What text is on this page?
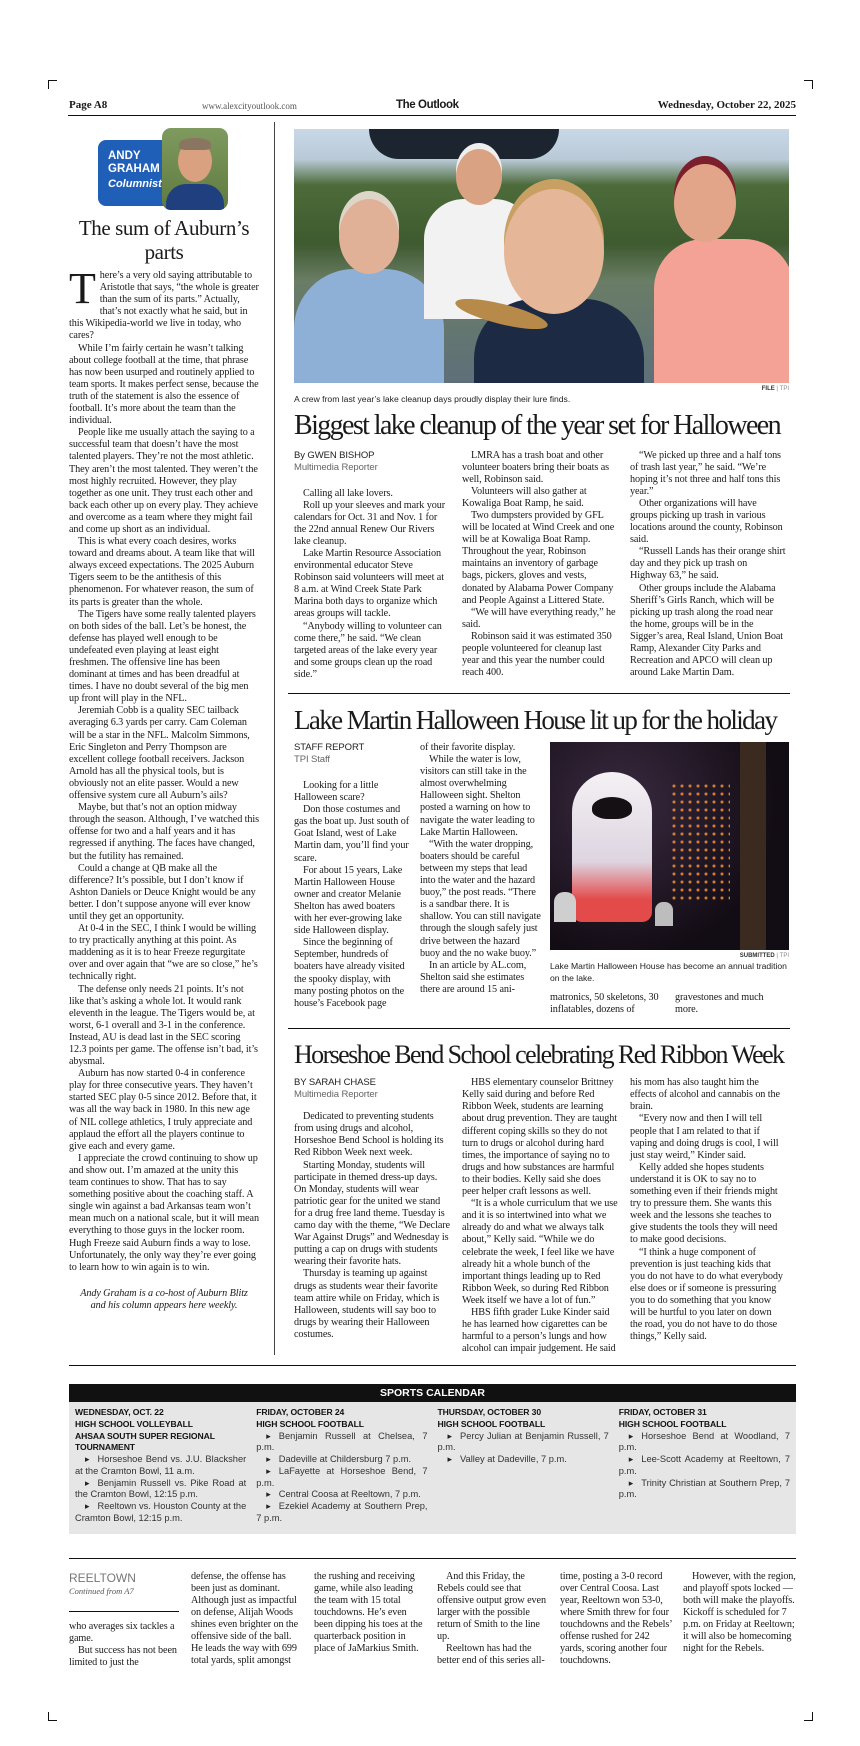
Page A8	www.alexcityoutlook.com	The Outlook	Wednesday, October 22, 2025
ANDY
GRAHAM
Columnist
The sum of Auburn’s parts

There’s a very old saying attributable to Aristotle that says, “the whole is greater than the sum of its parts.” Actually, that’s not exactly what he said, but in this Wikipedia-world we live in today, who cares?

While I’m fairly certain he wasn’t talking about college football at the time, that phrase has now been usurped and routinely applied to team sports. It makes perfect sense, because the truth of the statement is also the essence of football. It’s more about the team than the individual.

People like me usually attach the saying to a successful team that doesn’t have the most talented players. They’re not the most athletic. They aren’t the most talented. They weren’t the most highly recruited. However, they play together as one unit. They trust each other and back each other up on every play. They achieve and overcome as a team where they might fail and come up short as an individual.

This is what every coach desires, works toward and dreams about. A team like that will always exceed expectations. The 2025 Auburn Tigers seem to be the antithesis of this phenomenon. For whatever reason, the sum of its parts is greater than the whole.

The Tigers have some really talented players on both sides of the ball. Let’s be honest, the defense has played well enough to be undefeated even playing at least eight freshmen. The offensive line has been dominant at times and has been dreadful at times. I have no doubt several of the big men up front will play in the NFL.

Jeremiah Cobb is a quality SEC tailback averaging 6.3 yards per carry. Cam Coleman will be a star in the NFL. Malcolm Simmons, Eric Singleton and Perry Thompson are excellent college football receivers. Jackson Arnold has all the physical tools, but is obviously not an elite passer. Would a new offensive system cure all Auburn’s ails?

Maybe, but that’s not an option midway through the season. Although, I’ve watched this offense for two and a half years and it has regressed if anything. The faces have changed, but the futility has remained.

Could a change at QB make all the difference? It’s possible, but I don’t know if Ashton Daniels or Deuce Knight would be any better. I don’t suppose anyone will ever know until they get an opportunity.

At 0-4 in the SEC, I think I would be willing to try practically anything at this point. As maddening as it is to hear Freeze regurgitate over and over again that “we are so close,” he’s technically right.

The defense only needs 21 points. It’s not like that’s asking a whole lot. It would rank eleventh in the league. The Tigers would be, at worst, 6-1 overall and 3-1 in the conference. Instead, AU is dead last in the SEC scoring 12.3 points per game. The offense isn’t bad, it’s abysmal.

Auburn has now started 0-4 in conference play for three consecutive years. They haven’t started SEC play 0-5 since 2012. Before that, it was all the way back in 1980. In this new age of NIL college athletics, I truly appreciate and applaud the effort all the players continue to give each and every game.

I appreciate the crowd continuing to show up and show out. I’m amazed at the unity this team continues to show. That has to say something positive about the coaching staff. A single win against a bad Arkansas team won’t mean much on a national scale, but it will mean everything to those guys in the locker room. Hugh Freeze said Auburn finds a way to lose. Unfortunately, the only way they’re ever going to learn how to win again is to win.

Andy Graham is a co-host of Auburn Blitz and his column appears here weekly.

FILE | TPI
A crew from last year’s lake cleanup days proudly display their lure finds.
Biggest lake cleanup of the year set for Halloween
By GWEN BISHOP
Multimedia Reporter

Calling all lake lovers.

Roll up your sleeves and mark your calendars for Oct. 31 and Nov. 1 for the 22nd annual Renew Our Rivers lake cleanup.

Lake Martin Resource Association environmental educator Steve Robinson said volunteers will meet at 8 a.m. at Wind Creek State Park Marina both days to organize which areas groups will tackle.

“Anybody willing to volunteer can come there,” he said. “We clean targeted areas of the lake every year and some groups clean up the road side.”

LMRA has a trash boat and other volunteer boaters bring their boats as well, Robinson said.

Volunteers will also gather at Kowaliga Boat Ramp, he said.

Two dumpsters provided by GFL will be located at Wind Creek and one will be at Kowaliga Boat Ramp. Throughout the year, Robinson maintains an inventory of garbage bags, pickers, gloves and vests, donated by Alabama Power Company and People Against a Littered State.

“We will have everything ready,” he said.

Robinson said it was estimated 350 people volunteered for cleanup last year and this year the number could reach 400.

“We picked up three and a half tons of trash last year,” he said. “We’re hoping it’s not three and half tons this year.”

Other organizations will have groups picking up trash in various locations around the county, Robinson said.

“Russell Lands has their orange shirt day and they pick up trash on Highway 63,” he said.

Other groups include the Alabama Sheriff’s Girls Ranch, which will be picking up trash along the road near the home, groups will be in the Sigger’s area, Real Island, Union Boat Ramp, Alexander City Parks and Recreation and APCO will clean up around Lake Martin Dam.

Lake Martin Halloween House lit up for the holiday
STAFF REPORT
TPI Staff

Looking for a little Halloween scare?

Don those costumes and gas the boat up. Just south of Goat Island, west of Lake Martin dam, you’ll find your scare.

For about 15 years, Lake Martin Halloween House owner and creator Melanie Shelton has awed boaters with her ever-growing lake side Halloween display.

Since the beginning of September, hundreds of boaters have already visited the spooky display, with many posting photos on the house’s Facebook page

of their favorite display.

While the water is low, visitors can still take in the almost overwhelming Halloween sight. Shelton posted a warning on how to navigate the water leading to Lake Martin Halloween.

“With the water dropping, boaters should be careful between my steps that lead into the water and the hazard buoy,” the post reads. “There is a sandbar there. It is shallow. You can still navigate through the slough safely just drive between the hazard buoy and the no wake buoy.”

In an article by AL.com, Shelton said she estimates there are around 15 ani-

SUBMITTED | TPI
Lake Martin Halloween House has become an annual tradition on the lake.

matronics, 50 skeletons, 30 inflatables, dozens of

gravestones and much more.

Horseshoe Bend School celebrating Red Ribbon Week
BY SARAH CHASE
Multimedia Reporter

Dedicated to preventing students from using drugs and alcohol, Horseshoe Bend School is holding its Red Ribbon Week next week.

Starting Monday, students will participate in themed dress-up days. On Monday, students will wear patriotic gear for the united we stand for a drug free land theme. Tuesday is camo day with the theme, “We Declare War Against Drugs” and Wednesday is putting a cap on drugs with students wearing their favorite hats.

Thursday is teaming up against drugs as students wear their favorite team attire while on Friday, which is Halloween, students will say boo to drugs by wearing their Halloween costumes.

HBS elementary counselor Brittney Kelly said during and before Red Ribbon Week, students are learning about drug prevention. They are taught different coping skills so they do not turn to drugs or alcohol during hard times, the importance of saying no to drugs and how substances are harmful to their bodies. Kelly said she does peer helper craft lessons as well.

“It is a whole curriculum that we use and it is so intertwined into what we already do and what we always talk about,” Kelly said. “While we do celebrate the week, I feel like we have already hit a whole bunch of the important things leading up to Red Ribbon Week, so during Red Ribbon Week itself we have a lot of fun.”

HBS fifth grader Luke Kinder said he has learned how cigarettes can be harmful to a person’s lungs and how alcohol can impair judgement. He said his mom has also taught him the effects of alcohol and cannabis on the brain.

“Every now and then I will tell people that I am related to that if vaping and doing drugs is cool, I will just stay weird,” Kinder said.

Kelly added she hopes students understand it is OK to say no to something even if their friends might try to pressure them. She wants this week and the lessons she teaches to give students the tools they will need to make good decisions.

“I think a huge component of prevention is just teaching kids that you do not have to do what everybody else does or if someone is pressuring you to do something that you know will be hurtful to you later on down the road, you do not have to do those things,” Kelly said.

SPORTS CALENDAR
WEDNESDAY, OCT. 22
HIGH SCHOOL VOLLEYBALL
AHSAA SOUTH SUPER REGIONAL TOURNAMENT
▸ Horseshoe Bend vs. J.U. Blacksher at the Cramton Bowl, 11 a.m.
▸ Benjamin Russell vs. Pike Road at the Cramton Bowl, 12:15 p.m.
▸ Reeltown vs. Houston County at the Cramton Bowl, 12:15 p.m.
FRIDAY, OCTOBER 24
HIGH SCHOOL FOOTBALL
▸ Benjamin Russell at Chelsea, 7 p.m.
▸ Dadeville at Childersburg 7 p.m.
▸ LaFayette at Horseshoe Bend, 7 p.m.
▸ Central Coosa at Reeltown, 7 p.m.
▸ Ezekiel Academy at Southern Prep, 7 p.m.
THURSDAY, OCTOBER 30
HIGH SCHOOL FOOTBALL
▸ Percy Julian at Benjamin Russell, 7 p.m.
▸ Valley at Dadeville, 7 p.m.
FRIDAY, OCTOBER 31
HIGH SCHOOL FOOTBALL
▸ Horseshoe Bend at Woodland, 7 p.m.
▸ Lee-Scott Academy at Reeltown, 7 p.m.
▸ Trinity Christian at Southern Prep, 7 p.m.
REELTOWN
Continued from A7

who averages six tackles a game.

But success has not been limited to just the

defense, the offense has been just as dominant. Although just as impactful on defense, Alijah Woods shines even brighter on the offensive side of the ball. He leads the way with 699 total yards, split amongst the rushing and receiving game, while also leading the team with 15 total touchdowns. He’s even been dipping his toes at the quarterback position in place of JaMarkius Smith.

And this Friday, the Rebels could see that offensive output grow even larger with the possible return of Smith to the line up.

Reeltown has had the better end of this series all-time, posting a 3-0 record over Central Coosa. Last year, Reeltown won 53-0, where Smith threw for four touchdowns and the Rebels’ offense rushed for 242 yards, scoring another four touchdowns.

However, with the region, and playoff spots locked — both will make the playoffs. Kickoff is scheduled for 7 p.m. on Friday at Reeltown; it will also be homecoming night for the Rebels.
